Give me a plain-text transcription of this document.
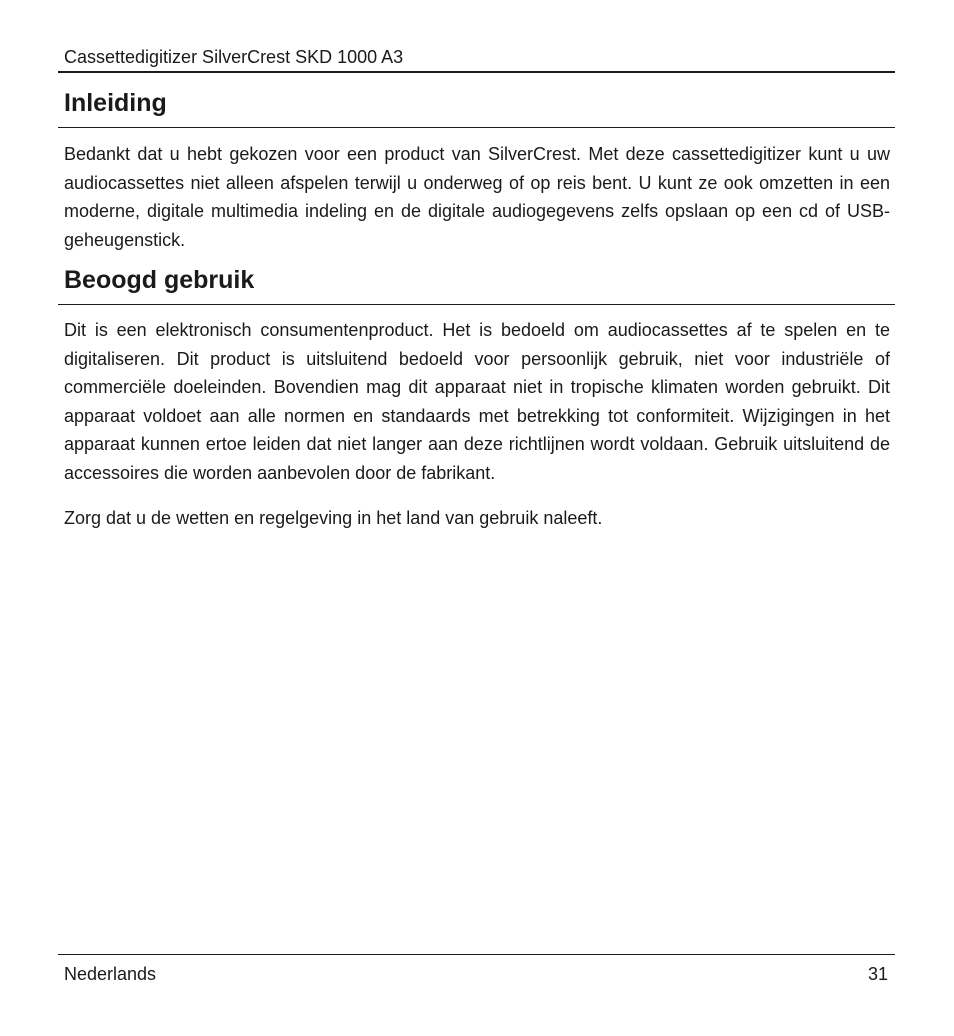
Cassettedigitizer SilverCrest SKD 1000 A3
Inleiding

Bedankt dat u hebt gekozen voor een product van SilverCrest. Met deze cassettedigitizer kunt u uw audiocassettes niet alleen afspelen terwijl u onderweg of op reis bent. U kunt ze ook omzetten in een moderne, digitale multimedia indeling en de digitale audiogegevens zelfs opslaan op een cd of USB-geheugenstick.

Beoogd gebruik

Dit is een elektronisch consumentenproduct. Het is bedoeld om audiocassettes af te spelen en te digitaliseren. Dit product is uitsluitend bedoeld voor persoonlijk gebruik, niet voor industriële of commerciële doeleinden. Bovendien mag dit apparaat niet in tropische klimaten worden gebruikt. Dit apparaat voldoet aan alle normen en standaards met betrekking tot conformiteit. Wijzigingen in het apparaat kunnen ertoe leiden dat niet langer aan deze richtlijnen wordt voldaan. Gebruik uitsluitend de accessoires die worden aanbevolen door de fabrikant.

Zorg dat u de wetten en regelgeving in het land van gebruik naleeft.

Nederlands	31
